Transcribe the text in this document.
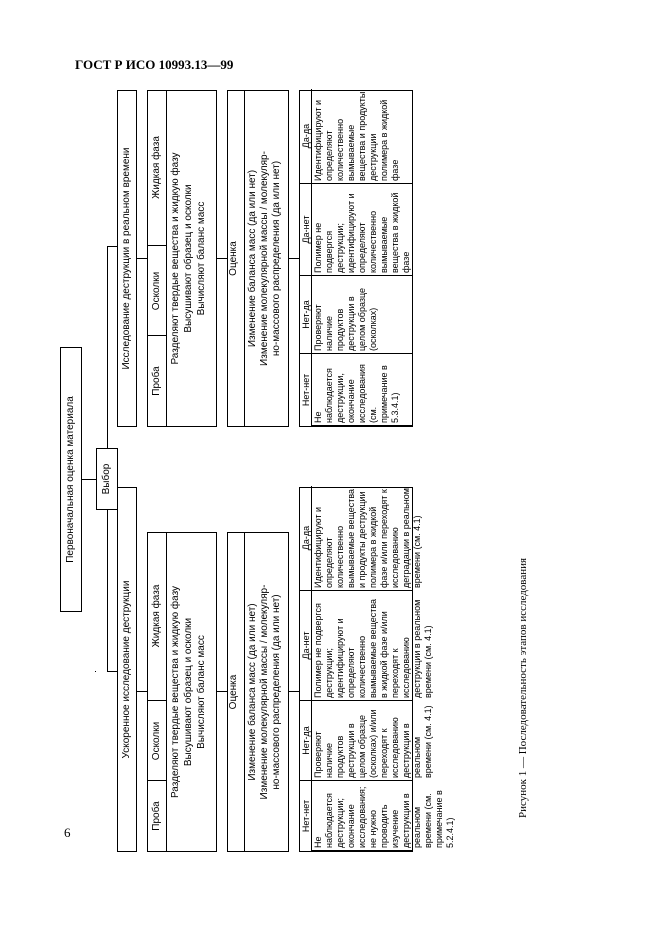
ГОСТ Р ИСО 10993.13—99
6
Рисунок 1 — Последовательность этапов исследования
Первоначальная оценка материала	Выбор
Ускоренное исследование деструкции
Проба
Осколки
Жидкая фаза Разделяют твердые вещества и жидкую фазу Высушивают образец и осколки Вычисляют баланс масс Оценка Изменение баланса масс (да или нет) Изменение молекулярной массы / молекуляр- но-массового распределения (да или нет)
Нет-нет
Нет-да
Да-нет
Да-да
Не наблюдается деструкции; окончание исследования; не нужно проводить изучение деструкции в реальном времени (см. примечание в 5.2.4.1)
Проверяют наличие продуктов деструкции в целом образце (осколках) и/или переходят к исследованию деструкции в реальном времени (см. 4.1)
Полимер не подвергся деструкции; идентифицируют и определяют количественно вымываемые вещества в жидкой фазе и/или переходят к исследованию деструкции в реальном времени (см. 4.1)
Идентифицируют и определяют количественно вымываемые вещества и продукты деструкции полимера в жидкой фазе и/или переходят к исследованию деградации в реальном времени (см. 4.1)
Исследование деструкции в реальном времени
Проба
Осколки
Жидкая фаза Разделяют твердые вещества и жидкую фазу Высушивают образец и осколки Вычисляют баланс масс Оценка Изменение баланса масс (да или нет) Изменение молекулярной массы / молекуляр- но-массового распределения (да или нет)
Нет-нет
Нет-да
Да-нет
Да-да
Не наблюдается деструкции, окончание исследования (см. примечание в 5.3.4.1)
Проверяют наличие продуктов деструкции в целом образце (осколках)
Полимер не подвергся деструкции; идентифицируют и определяют количественно вымываемые вещества в жидкой фазе
Идентифицируют и определяют количественно вымываемые вещества и продукты деструкции полимера в жидкой фазе
